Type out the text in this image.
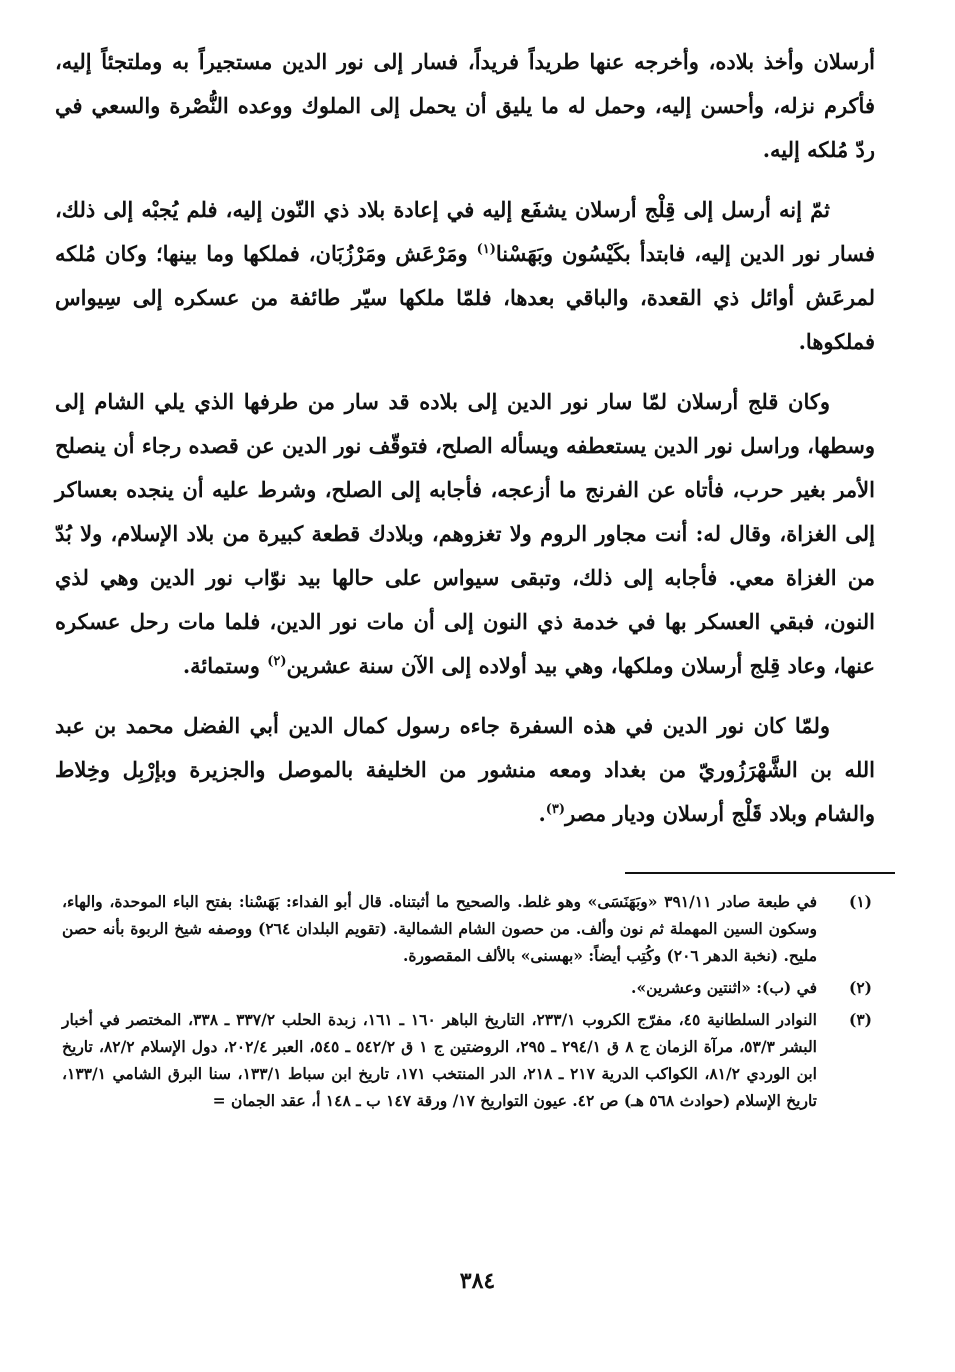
أرسلان وأخذ بلاده، وأخرجه عنها طريداً فريداً، فسار إلى نور الدين مستجيراً به وملتجئاً إليه، فأكرم نزله، وأحسن إليه، وحمل له ما يليق أن يحمل إلى الملوك ووعده النُّصْرة والسعي في ردّ مُلكه إليه.

ثمّ إنه أرسل إلى قِلْج أرسلان يشفَع إليه في إعادة بلاد ذي النّون إليه، فلم يُجبْه إلى ذلك، فسار نور الدين إليه، فابتدأ بكَيْسُون وبَهَسْنا$^{(١)}$ ومَرْعَش ومَرْزُبَان، فملكها وما بينها؛ وكان مُلكه لمرعَش أوائل ذي القعدة، والباقي بعدها، فلمّا ملكها سيّر طائفة من عسكره إلى سِيواس فملكوها.

وكان قلج أرسلان لمّا سار نور الدين إلى بلاده قد سار من طرفها الذي يلي الشام إلى وسطها، وراسل نور الدين يستعطفه ويسأله الصلح، فتوقّف نور الدين عن قصده رجاء أن ينصلح الأمر بغير حرب، فأتاه عن الفرنج ما أزعجه، فأجابه إلى الصلح، وشرط عليه أن ينجده بعساكر إلى الغزاة، وقال له: أنت مجاور الروم ولا تغزوهم، وبلادك قطعة كبيرة من بلاد الإسلام، ولا بُدّ من الغزاة معي. فأجابه إلى ذلك، وتبقى سيواس على حالها بيد نوّاب نور الدين وهي لذي النون، فبقي العسكر بها في خدمة ذي النون إلى أن مات نور الدين، فلما مات رحل عسكره عنها، وعاد قِلج أرسلان وملكها، وهي بيد أولاده إلى الآن سنة عشرين$^{(٢)}$ وستمائة.

ولمّا كان نور الدين في هذه السفرة جاءه رسول كمال الدين أبي الفضل محمد بن عبد الله بن الشَّهْرَزُوريّ من بغداد ومعه منشور من الخليفة بالموصل والجزيرة وبإرْبِل وخِلاط والشام وبلاد قَلْج أرسلان وديار مصر$^{(٣)}$.

(١)
في طبعة صادر ٣٩١/١١ «وبَهَنَسَى» وهو غلط. والصحيح ما أثبتناه. قال أبو الفداء: بَهَسْنا: بفتح الباء الموحدة، والهاء، وسكون السين المهملة ثم نون وألف. من حصون الشام الشمالية. (تقويم البلدان ٢٦٤) ووصفه شيخ الربوة بأنه حصن مليح. (نخبة الدهر ٢٠٦) وكُتِب أيضاً: «بهسنى» بالألف المقصورة.
(٢)
في (ب): «اثنتين وعشرين».
(٣)
النوادر السلطانية ٤٥، مفرّج الكروب ٢٣٣/١، التاريخ الباهر ١٦٠ ـ ١٦١، زبدة الحلب ٣٣٧/٢ ـ ٣٣٨، المختصر في أخبار البشر ٥٣/٣، مرآة الزمان ج ٨ ق ٢٩٤/١ ـ ٢٩٥، الروضتين ج ١ ق ٥٤٢/٢ ـ ٥٤٥، العبر ٢٠٢/٤، دول الإسلام ٨٢/٢، تاريخ ابن الوردي ٨١/٢، الكواكب الدرية ٢١٧ ـ ٢١٨، الدر المنتخب ١٧١، تاريخ ابن سباط ١٣٣/١، سنا البرق الشامي ١٣٣/١، تاريخ الإسلام (حوادث ٥٦٨ هـ) ص ٤٢. عيون التواريخ ١٧/ ورقة ١٤٧ ب ـ ١٤٨ أ، عقد الجمان =
٣٨٤
